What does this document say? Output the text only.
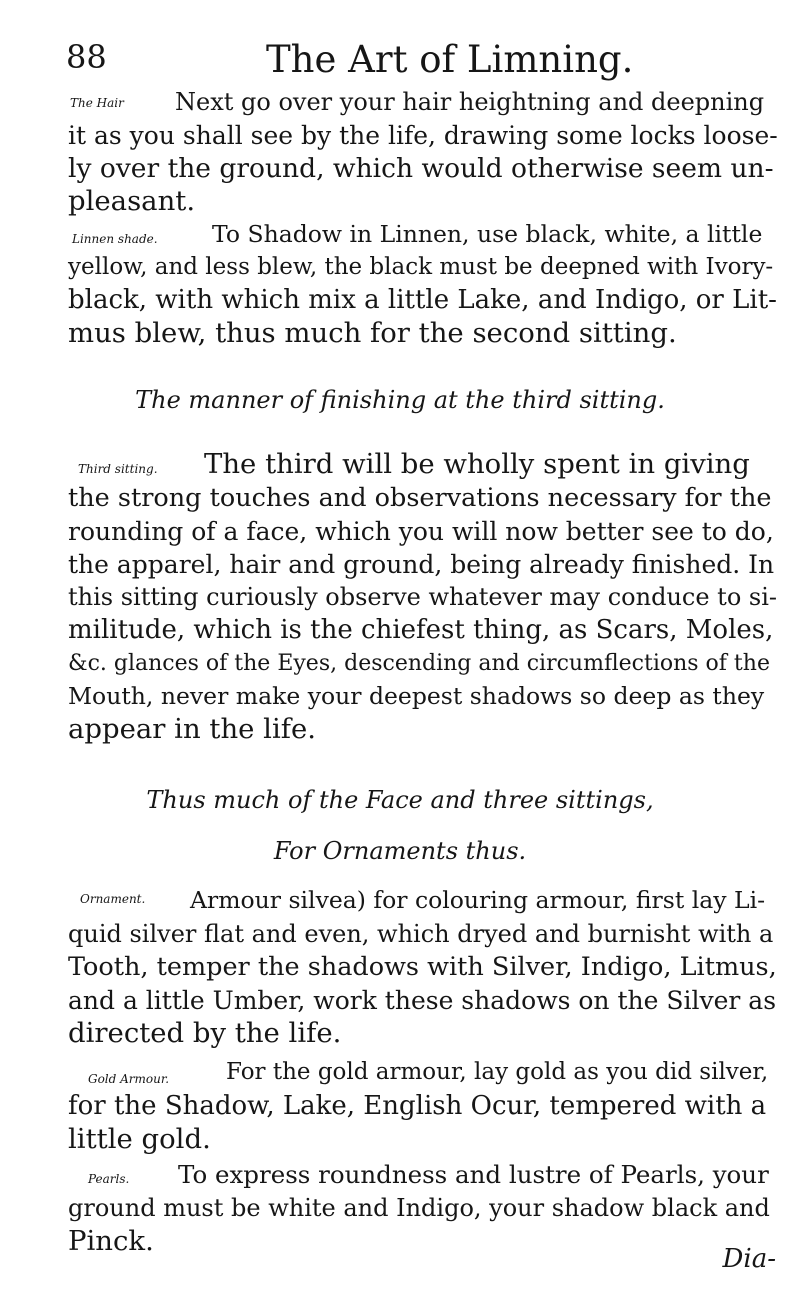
88	The Art of Limning.
The Hair Next go over your hair heightning and deepning
it as you shall see by the life, drawing some locks loose-
ly over the ground, which would otherwise seem un-
pleasant.
Linnen shade. To Shadow in Linnen, use black, white, a little
yellow, and less blew, the black must be deepned with Ivory-
black, with which mix a little Lake, and Indigo, or Lit-
mus blew, thus much for the second sitting.
The manner of finishing at the third sitting.
Third sitting. The third will be wholly spent in giving
the strong touches and observations necessary for the
rounding of a face, which you will now better see to do,
the apparel, hair and ground, being already finished. In
this sitting curiously observe whatever may conduce to si-
militude, which is the chiefest thing, as Scars, Moles,
&c. glances of the Eyes, descending and circumflections of the
Mouth, never make your deepest shadows so deep as they
appear in the life.
Thus much of the Face and three sittings,
For Ornaments thus.
Ornament. Armour silvea) for colouring armour, first lay Li-
quid silver flat and even, which dryed and burnisht with a
Tooth, temper the shadows with Silver, Indigo, Litmus,
and a little Umber, work these shadows on the Silver as
directed by the life.
Gold Armour. For the gold armour, lay gold as you did silver,
for the Shadow, Lake, English Ocur, tempered with a
little gold.
Pearls. To express roundness and lustre of Pearls, your
ground must be white and Indigo, your shadow black and
Pinck.
Dia-
